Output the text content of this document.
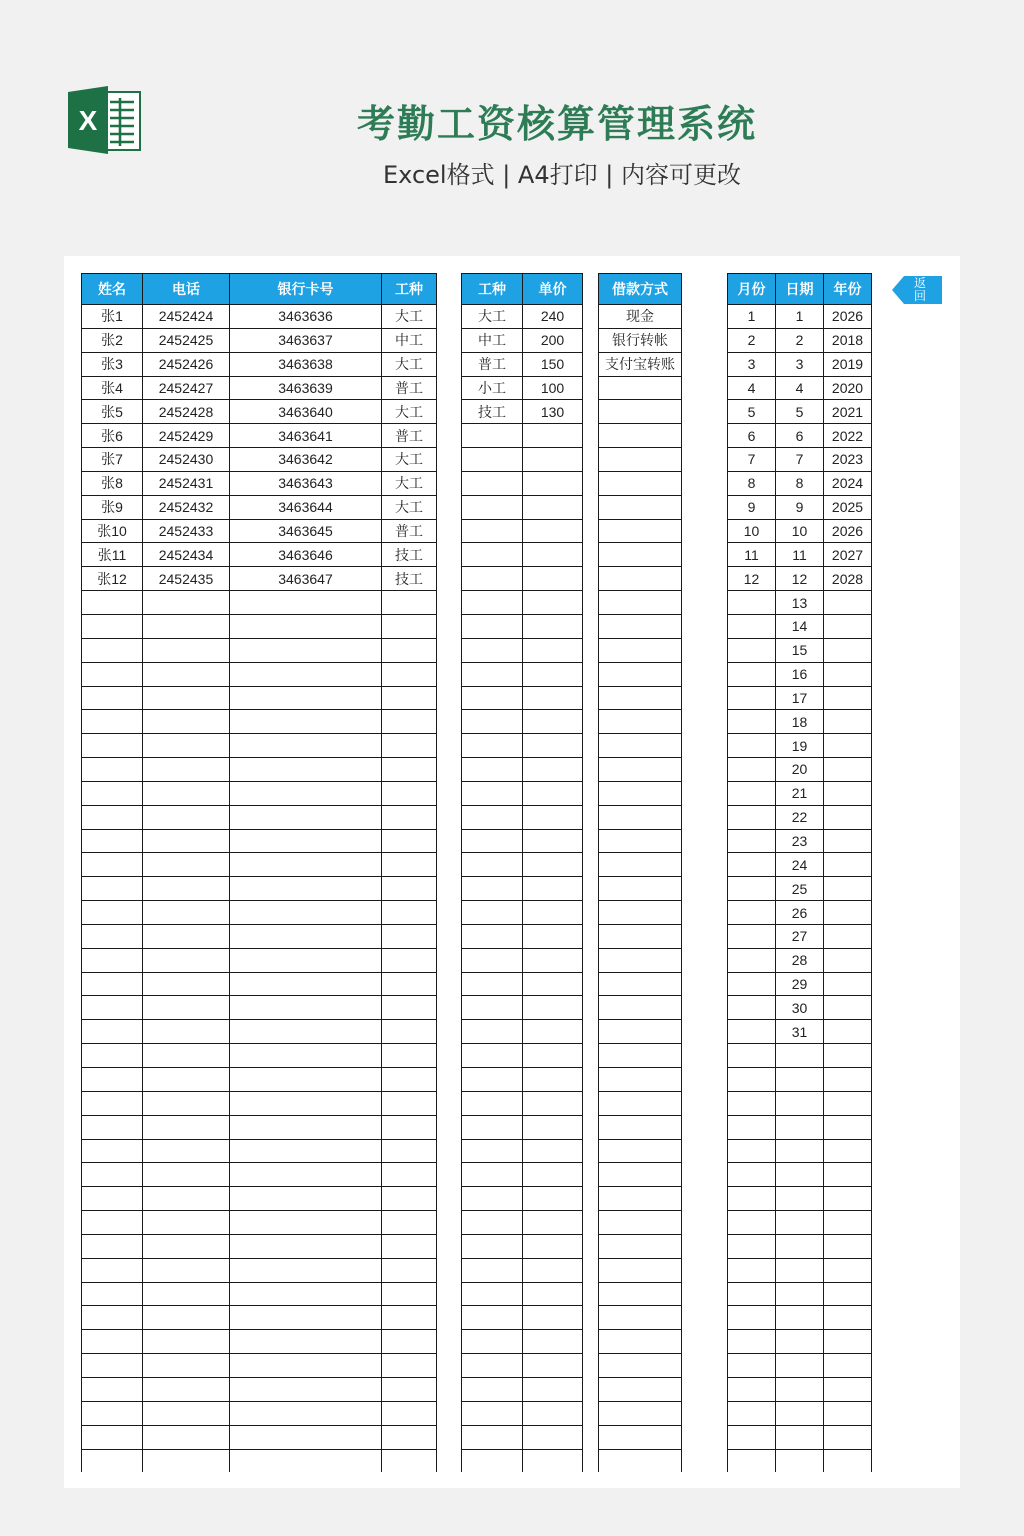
X	考勤工资核算管理系统
Excel格式 | A4打印 | 内容可更改
姓名	电话	银行卡号	工种
张1	2452424	3463636	大工
张2	2452425	3463637	中工
张3	2452426	3463638	大工
张4	2452427	3463639	普工
张5	2452428	3463640	大工
张6	2452429	3463641	普工
张7	2452430	3463642	大工
张8	2452431	3463643	大工
张9	2452432	3463644	大工
张10	2452433	3463645	普工
张11	2452434	3463646	技工
张12	2452435	3463647	技工

工种	单价
大工	240
中工	200
普工	150
小工	100
技工	130

借款方式
现金
银行转帐
支付宝转账

月份	日期	年份
1	1	2026
2	2	2018
3	3	2019
4	4	2020
5	5	2021
6	6	2022
7	7	2023
8	8	2024
9	9	2025
10	10	2026
11	11	2027
12	12	2028
	13	
	14	
	15	
	16	
	17	
	18	
	19	
	20	
	21	
	22	
	23	
	24	
	25	
	26	
	27	
	28	
	29	
	30	
	31	

返
回
